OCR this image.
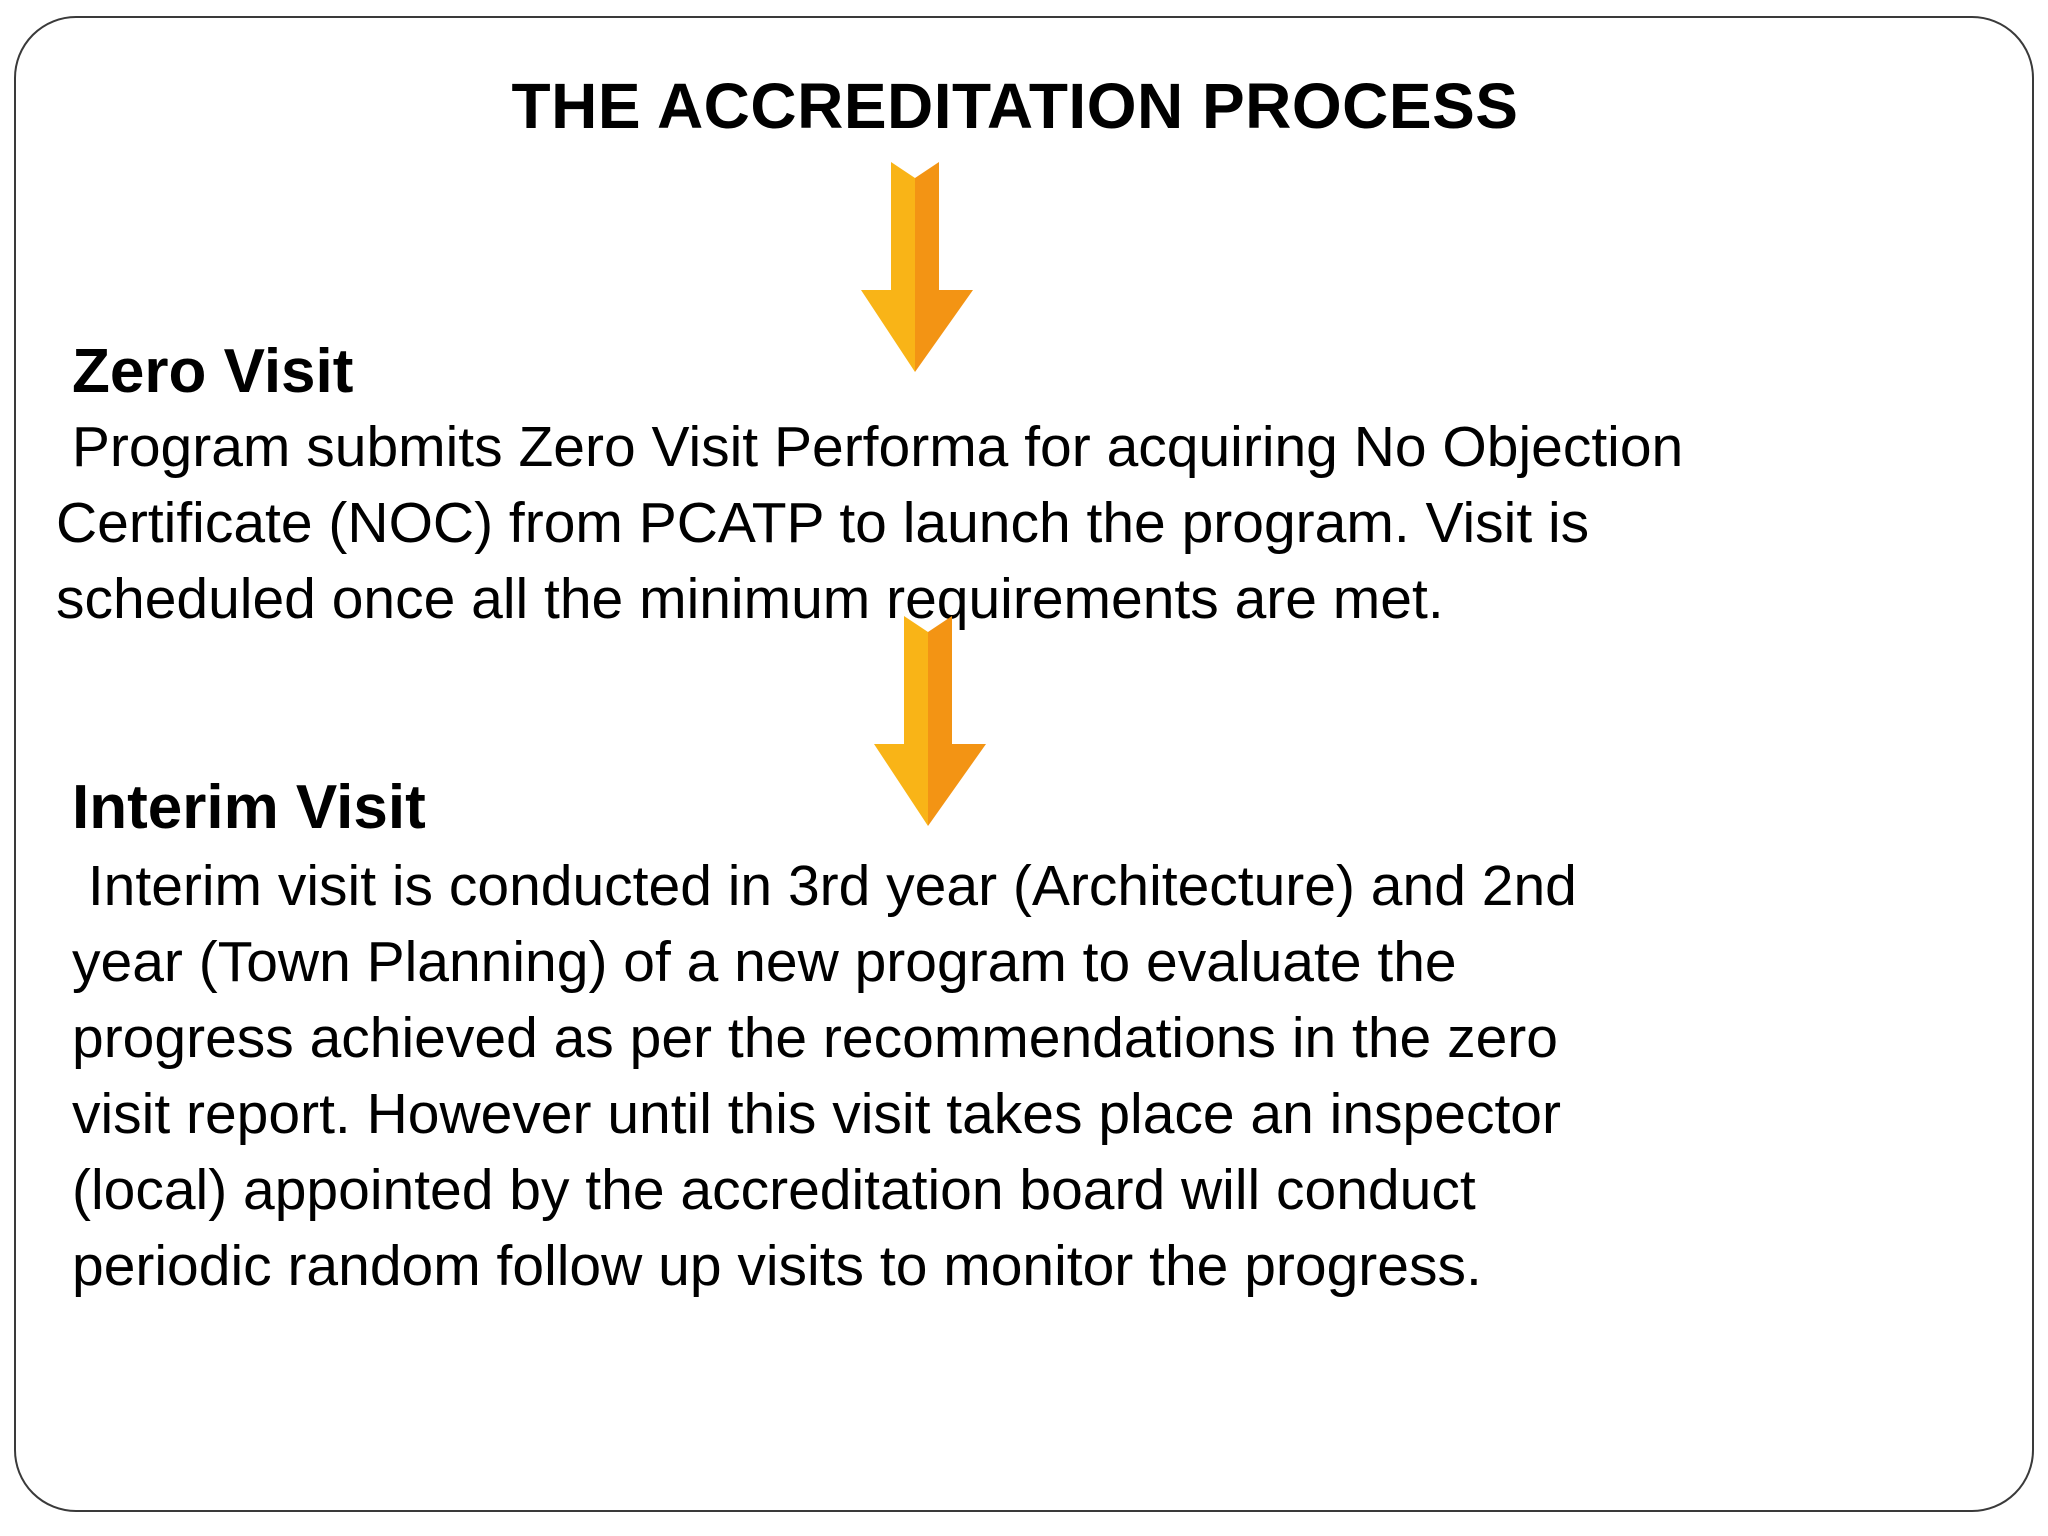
THE ACCREDITATION PROCESS
Zero Visit
Program submits Zero Visit Performa for acquiring No Objection
Certificate (NOC) from PCATP to launch the program. Visit is
scheduled once all the minimum requirements are met.
Interim Visit
Interim visit is conducted in 3rd year (Architecture) and 2nd
year (Town Planning) of a new program to evaluate the
progress achieved as per the recommendations in the zero
visit report. However until this visit takes place an inspector
(local) appointed by the accreditation board will conduct
periodic random follow up visits to monitor the progress.
